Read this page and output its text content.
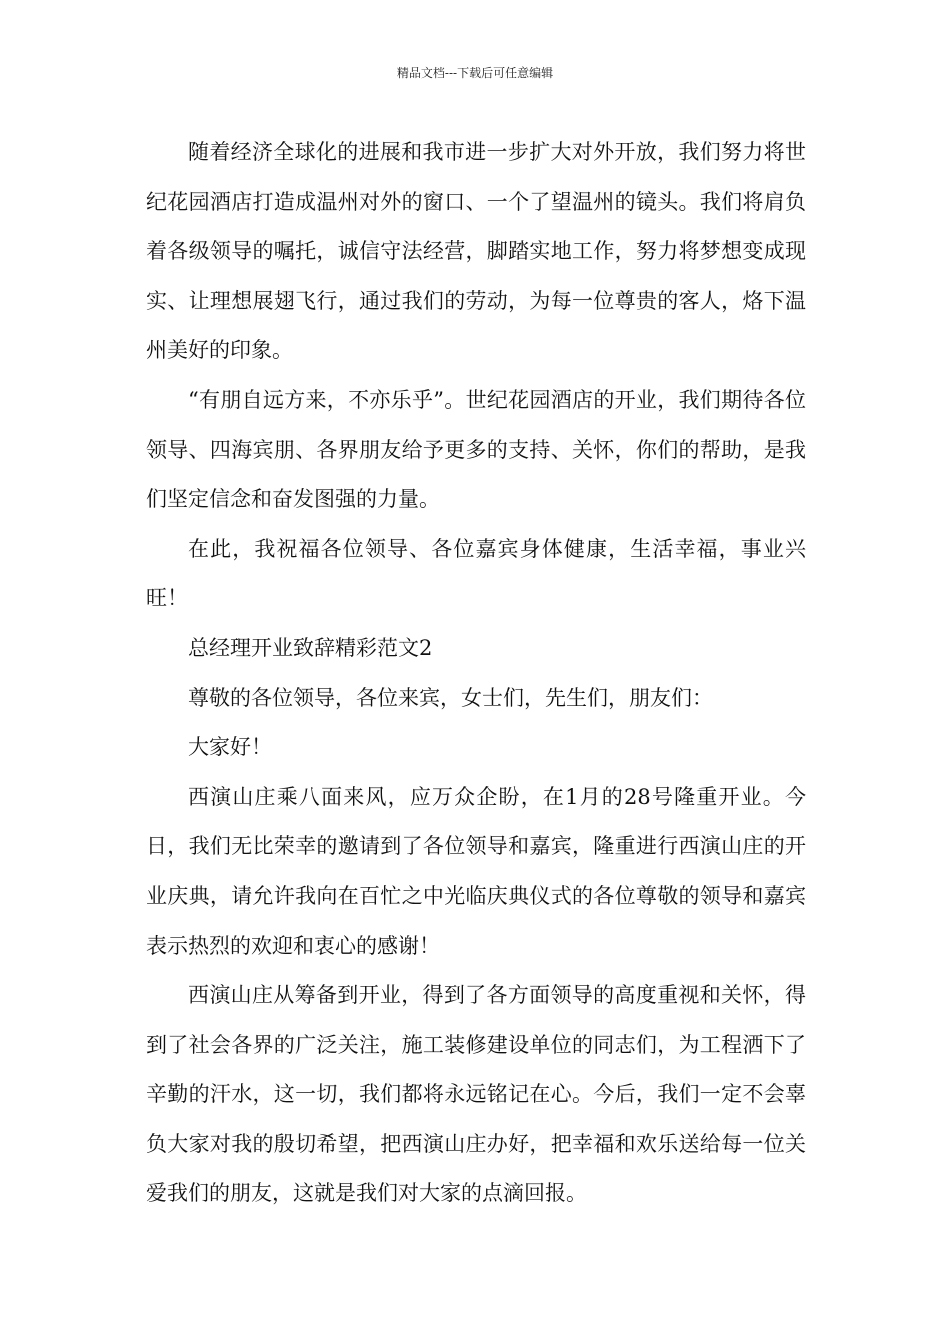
精品文档---下载后可任意编辑

随着经济全球化的进展和我市进一步扩大对外开放，我们努力将世纪花园酒店打造成温州对外的窗口、一个了望温州的镜头。我们将肩负着各级领导的嘱托，诚信守法经营，脚踏实地工作，努力将梦想变成现实、让理想展翅飞行，通过我们的劳动，为每一位尊贵的客人，烙下温州美好的印象。

“有朋自远方来，不亦乐乎”。世纪花园酒店的开业，我们期待各位领导、四海宾朋、各界朋友给予更多的支持、关怀，你们的帮助，是我们坚定信念和奋发图强的力量。

在此，我祝福各位领导、各位嘉宾身体健康，生活幸福，事业兴旺！

总经理开业致辞精彩范文2

尊敬的各位领导，各位来宾，女士们，先生们，朋友们：

大家好！

西演山庄乘八面来风，应万众企盼，在1月的28号隆重开业。今日，我们无比荣幸的邀请到了各位领导和嘉宾，隆重进行西演山庄的开业庆典，请允许我向在百忙之中光临庆典仪式的各位尊敬的领导和嘉宾表示热烈的欢迎和衷心的感谢！

西演山庄从筹备到开业，得到了各方面领导的高度重视和关怀，得到了社会各界的广泛关注，施工装修建设单位的同志们，为工程洒下了辛勤的汗水，这一切，我们都将永远铭记在心。今后，我们一定不会辜负大家对我的殷切希望，把西演山庄办好，把幸福和欢乐送给每一位关爱我们的朋友，这就是我们对大家的点滴回报。
